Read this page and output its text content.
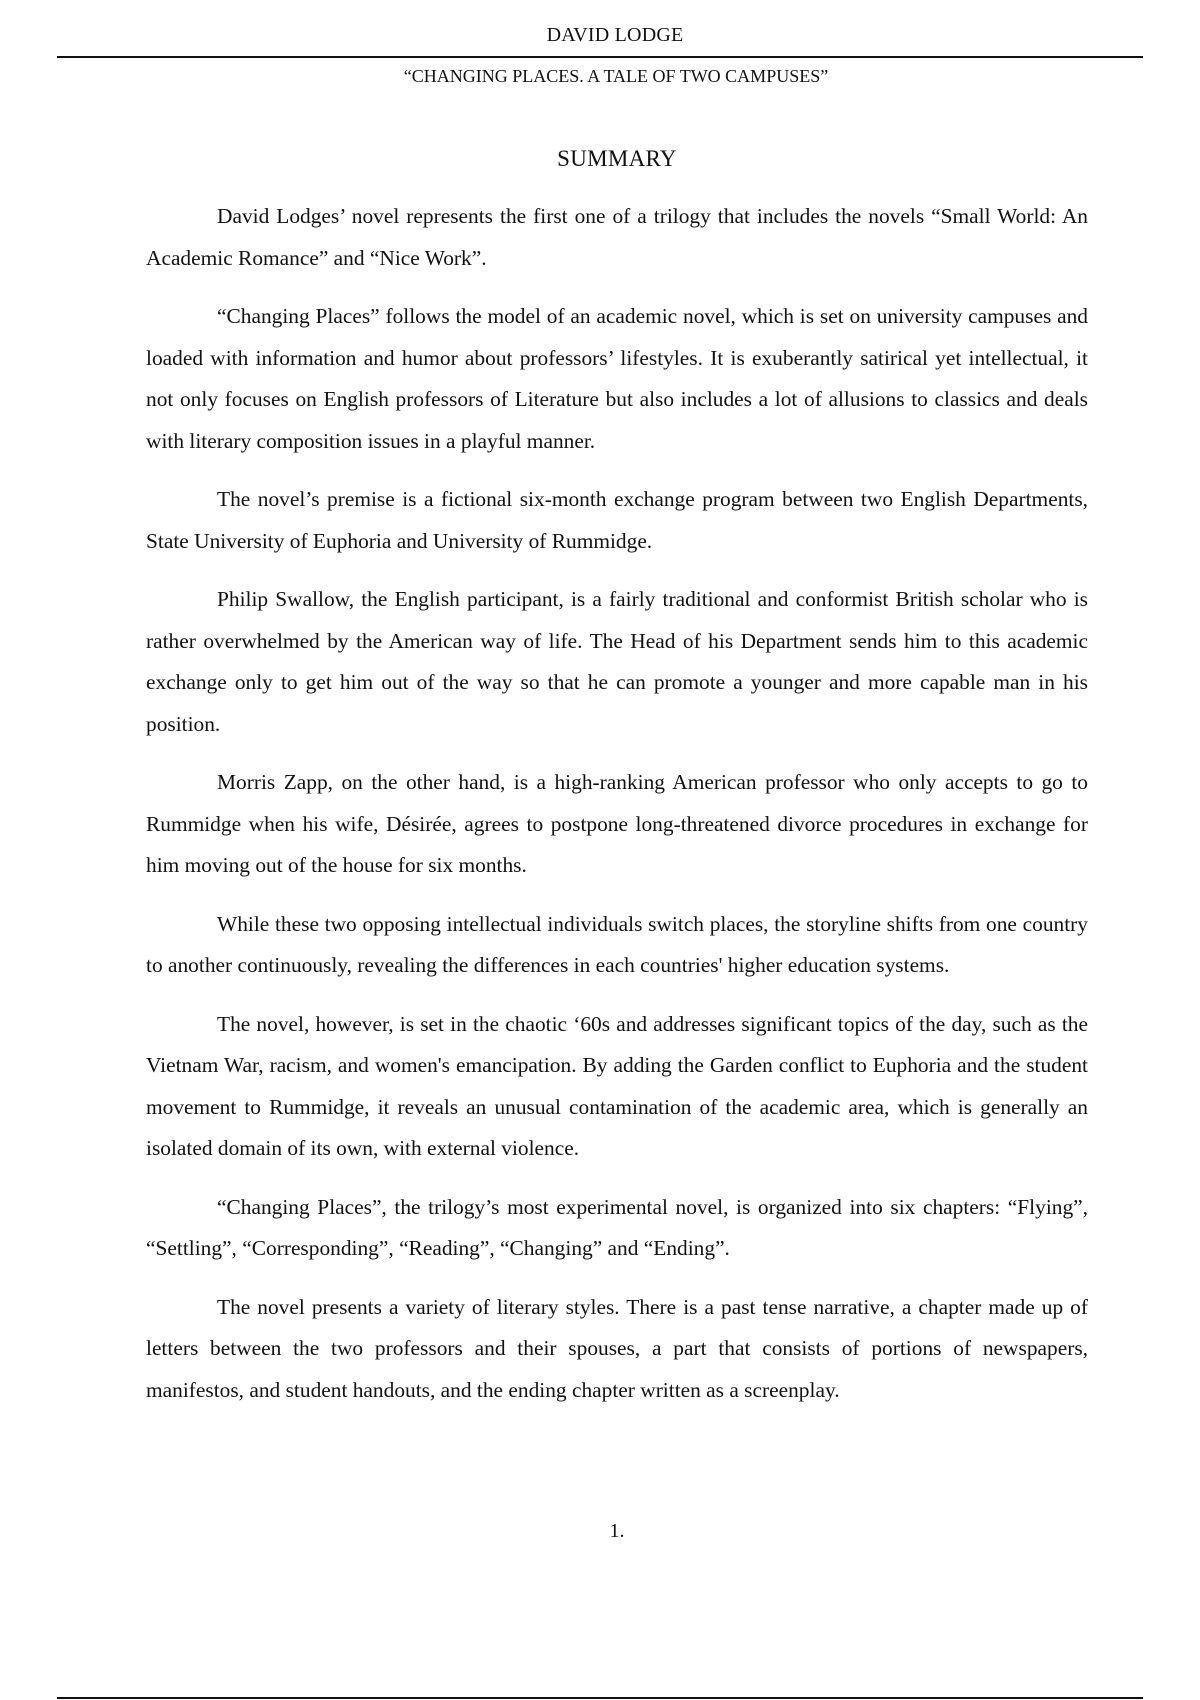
DAVID LODGE
“CHANGING PLACES. A TALE OF TWO CAMPUSES”
SUMMARY

David Lodges’ novel represents the first one of a trilogy that includes the novels “Small World: An Academic Romance” and “Nice Work”.

“Changing Places” follows the model of an academic novel, which is set on university campuses and loaded with information and humor about professors’ lifestyles. It is exuberantly satirical yet intellectual, it not only focuses on English professors of Literature but also includes a lot of allusions to classics and deals with literary composition issues in a playful manner.

The novel’s premise is a fictional six-month exchange program between two English Departments, State University of Euphoria and University of Rummidge.

Philip Swallow, the English participant, is a fairly traditional and conformist British scholar who is rather overwhelmed by the American way of life. The Head of his Department sends him to this academic exchange only to get him out of the way so that he can promote a younger and more capable man in his position.

Morris Zapp, on the other hand, is a high-ranking American professor who only accepts to go to Rummidge when his wife, Désirée, agrees to postpone long-threatened divorce procedures in exchange for him moving out of the house for six months.

While these two opposing intellectual individuals switch places, the storyline shifts from one country to another continuously, revealing the differences in each countries' higher education systems.

The novel, however, is set in the chaotic ‘60s and addresses significant topics of the day, such as the Vietnam War, racism, and women's emancipation. By adding the Garden conflict to Euphoria and the student movement to Rummidge, it reveals an unusual contamination of the academic area, which is generally an isolated domain of its own, with external violence.

“Changing Places”, the trilogy’s most experimental novel, is organized into six chapters: “Flying”, “Settling”, “Corresponding”, “Reading”, “Changing” and “Ending”.

The novel presents a variety of literary styles. There is a past tense narrative, a chapter made up of letters between the two professors and their spouses, a part that consists of portions of newspapers, manifestos, and student handouts, and the ending chapter written as a screenplay.

1.
